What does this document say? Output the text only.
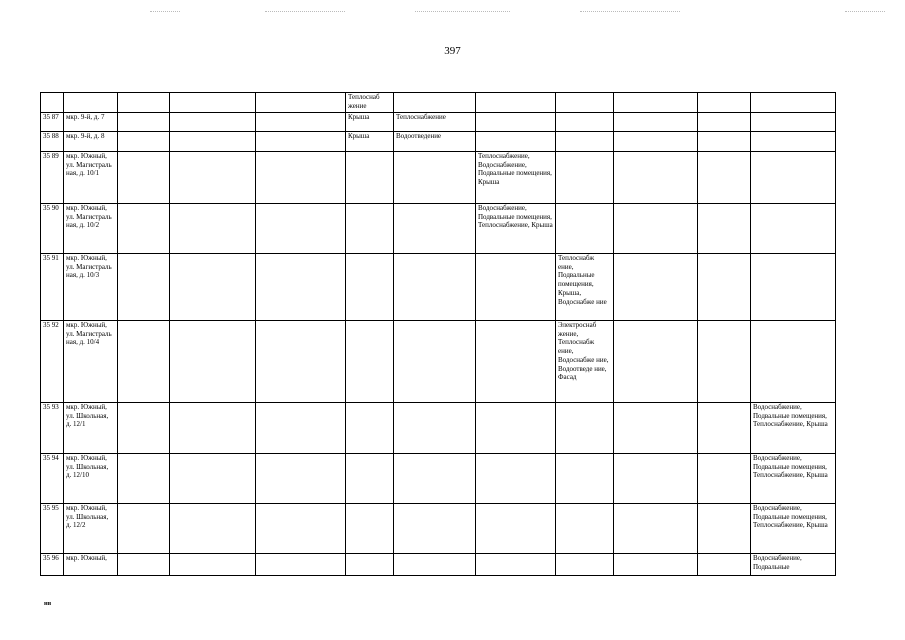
397
					Теплоснаб жение						
35 87	мкр. 9-й, д. 7				Крыша	Теплоснабжение					
35 88	мкр. 9-й, д. 8				Крыша	Водоотведение					
35 89	мкр. Южный, ул. Магистраль ная, д. 10/1						Теплоснабжение, Водоснабжение, Подвальные помещения, Крыша				
35 90	мкр. Южный, ул. Магистраль ная, д. 10/2						Водоснабжение, Подвальные помещения, Теплоснабжение, Крыша				
35 91	мкр. Южный, ул. Магистраль ная, д. 10/3							Теплоснабж ение, Подвальные помещения, Крыша, Водоснабже ние			
35 92	мкр. Южный, ул. Магистраль ная, д. 10/4							Электроснаб жение, Теплоснабж ение, Водоснабже ние, Водоотведе ние, Фасад			
35 93	мкр. Южный, ул. Школьная, д. 12/1										Водоснабжение, Подвальные помещения, Теплоснабжение, Крыша
35 94	мкр. Южный, ул. Школьная, д. 12/10										Водоснабжение, Подвальные помещения, Теплоснабжение, Крыша
35 95	мкр. Южный, ул. Школьная, д. 12/2										Водоснабжение, Подвальные помещения, Теплоснабжение, Крыша
35 96	мкр. Южный,										Водоснабжение, Подвальные
нв
